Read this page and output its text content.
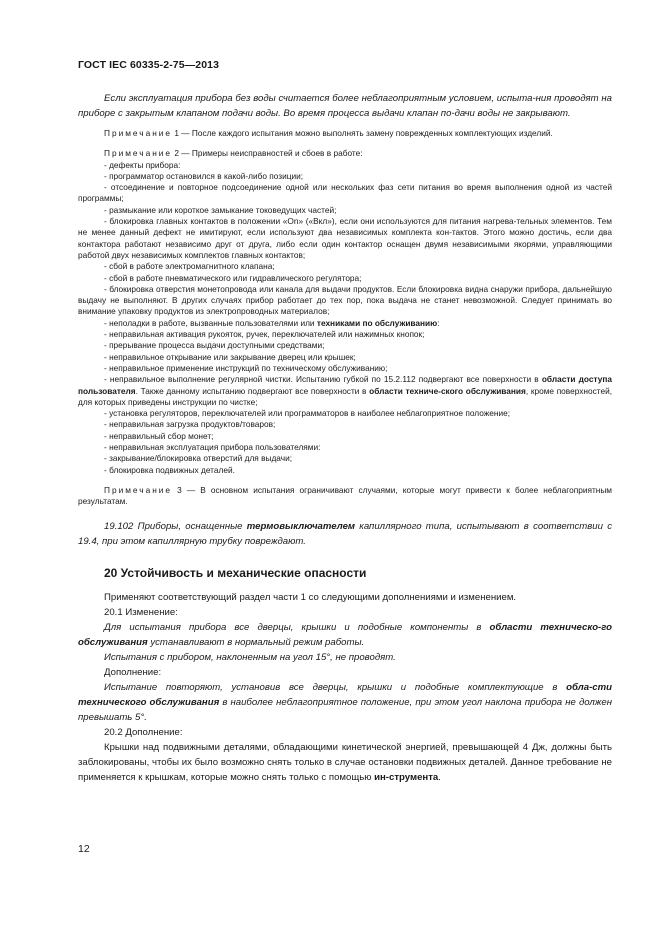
ГОСТ IEC 60335-2-75—2013

Если эксплуатация прибора без воды считается более неблагоприятным условием, испыта-ния проводят на приборе с закрытым клапаном подачи воды. Во время процесса выдачи клапан по-дачи воды не закрывают.

Примечание 1 — После каждого испытания можно выполнять замену поврежденных комплектующих изделий.

Примечание 2 — Примеры неисправностей и сбоев в работе:

- дефекты прибора:

- программатор остановился в какой-либо позиции;

- отсоединение и повторное подсоединение одной или нескольких фаз сети питания во время выполнения одной из частей программы;

- размыкание или короткое замыкание токоведущих частей;

- блокировка главных контактов в положении «On» («Вкл»), если они используются для питания нагрева-тельных элементов. Тем не менее данный дефект не имитируют, если используют два независимых комплекта кон-тактов. Этого можно достичь, если два контактора работают независимо друг от друга, либо если один контактор оснащен двумя независимыми якорями, управляющими работой двух независимых комплектов главных контактов;

- сбой в работе электромагнитного клапана;

- сбой в работе пневматического или гидравлического регулятора;

- блокировка отверстия монетопровода или канала для выдачи продуктов. Если блокировка видна снаружи прибора, дальнейшую выдачу не выполняют. В других случаях прибор работает до тех пор, пока выдача не станет невозможной. Следует принимать во внимание упаковку продуктов из электропроводных материалов;

- неполадки в работе, вызванные пользователями или техниками по обслуживанию:

- неправильная активация рукояток, ручек, переключателей или нажимных кнопок;

- прерывание процесса выдачи доступными средствами;

- неправильное открывание или закрывание дверец или крышек;

- неправильное применение инструкций по техническому обслуживанию;

- неправильное выполнение регулярной чистки. Испытанию губкой по 15.2.112 подвергают все поверхности в области доступа пользователя. Также данному испытанию подвергают все поверхности в области техниче-ского обслуживания, кроме поверхностей, для которых приведены инструкции по чистке;

- установка регуляторов, переключателей или программаторов в наиболее неблагоприятное положение;

- неправильная загрузка продуктов/товаров;

- неправильный сбор монет;

- неправильная эксплуатация прибора пользователями:

- закрывание/блокировка отверстий для выдачи;

- блокировка подвижных деталей.

Примечание 3 — В основном испытания ограничивают случаями, которые могут привести к более неблагоприятным результатам.

19.102 Приборы, оснащенные термовыключателем капиллярного типа, испытывают в соответствии с 19.4, при этом капиллярную трубку повреждают.

20 Устойчивость и механические опасности

Применяют соответствующий раздел части 1 со следующими дополнениями и изменением.

20.1 Изменение:

Для испытания прибора все дверцы, крышки и подобные компоненты в области техническо-го обслуживания устанавливают в нормальный режим работы.

Испытания с прибором, наклоненным на угол 15°, не проводят.

Дополнение:

Испытание повторяют, установив все дверцы, крышки и подобные комплектующие в обла-сти технического обслуживания в наиболее неблагоприятное положение, при этом угол наклона прибора не должен превышать 5°.

20.2 Дополнение:

Крышки над подвижными деталями, обладающими кинетической энергией, превышающей 4 Дж, должны быть заблокированы, чтобы их было возможно снять только в случае остановки подвижных деталей. Данное требование не применяется к крышкам, которые можно снять только с помощью ин-струмента.

12
